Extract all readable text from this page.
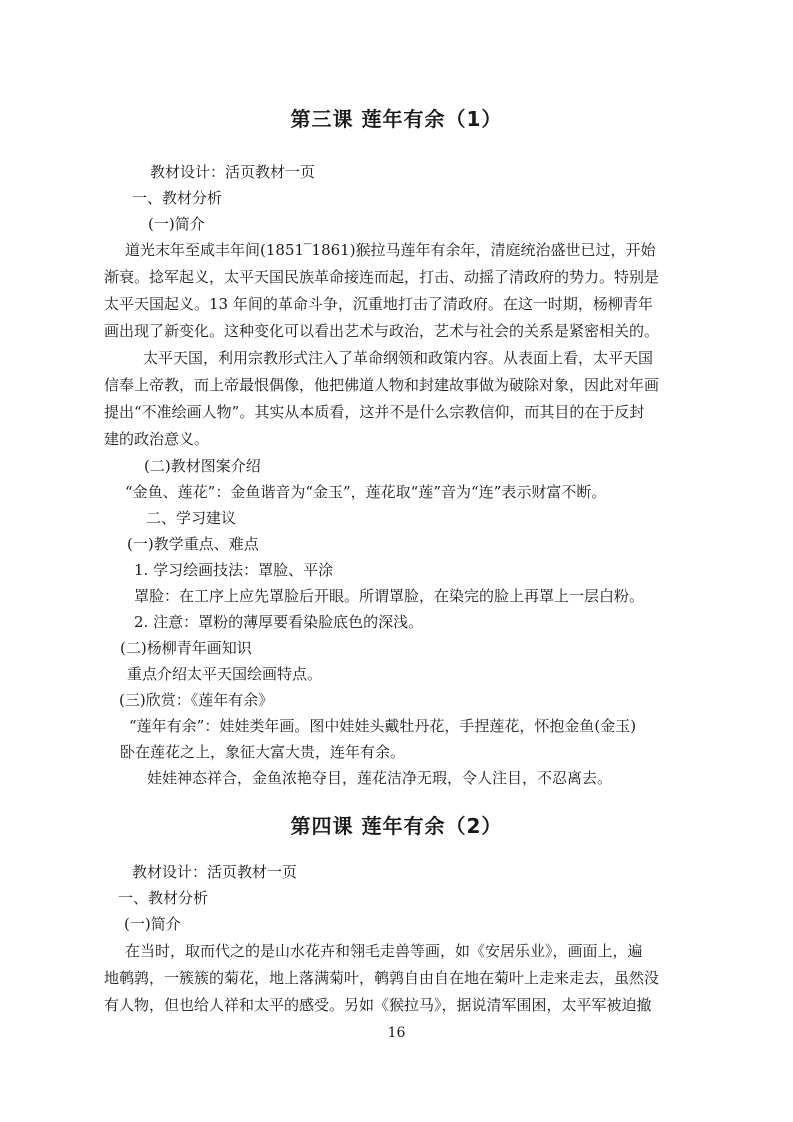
第三课 莲年有余（1）
教材设计：活页教材一页
一、教材分析
(一)简介
道光末年至咸丰年间(1851‾1861)猴拉马莲年有余年，清庭统治盛世已过，开始
渐衰。捻军起义，太平天国民族革命接连而起，打击、动摇了清政府的势力。特别是
太平天国起义。13 年间的革命斗争，沉重地打击了清政府。在这一时期，杨柳青年
画出现了新变化。这种变化可以看出艺术与政治，艺术与社会的关系是紧密相关的。
太平天国，利用宗教形式注入了革命纲领和政策内容。从表面上看，太平天国
信奉上帝教，而上帝最恨偶像，他把佛道人物和封建故事做为破除对象，因此对年画
提出“不准绘画人物”。其实从本质看，这并不是什么宗教信仰，而其目的在于反封
建的政治意义。
(二)教材图案介绍
“金鱼、莲花”：金鱼谐音为“金玉”，莲花取“莲”音为“连”表示财富不断。
二、学习建议
(一)教学重点、难点
1. 学习绘画技法：罩脸、平涂
罩脸：在工序上应先罩脸后开眼。所谓罩脸，在染完的脸上再罩上一层白粉。
2. 注意：罩粉的薄厚要看染脸底色的深浅。
(二)杨柳青年画知识
重点介绍太平天国绘画特点。
(三)欣赏：《莲年有余》
“莲年有余”：娃娃类年画。图中娃娃头戴牡丹花，手捏莲花，怀抱金鱼(金玉)
卧在莲花之上，象征大富大贵，连年有余。
娃娃神态祥合，金鱼浓艳夺目，莲花洁净无瑕，令人注目，不忍离去。
第四课 莲年有余（2）
教材设计：活页教材一页
一、教材分析
(一)简介
在当时，取而代之的是山水花卉和翎毛走兽等画，如《安居乐业》，画面上，遍
地鹌鹑，一簇簇的菊花，地上落满菊叶，鹌鹑自由自在地在菊叶上走来走去，虽然没
有人物，但也给人祥和太平的感受。另如《猴拉马》，据说清军围困，太平军被迫撤
16
